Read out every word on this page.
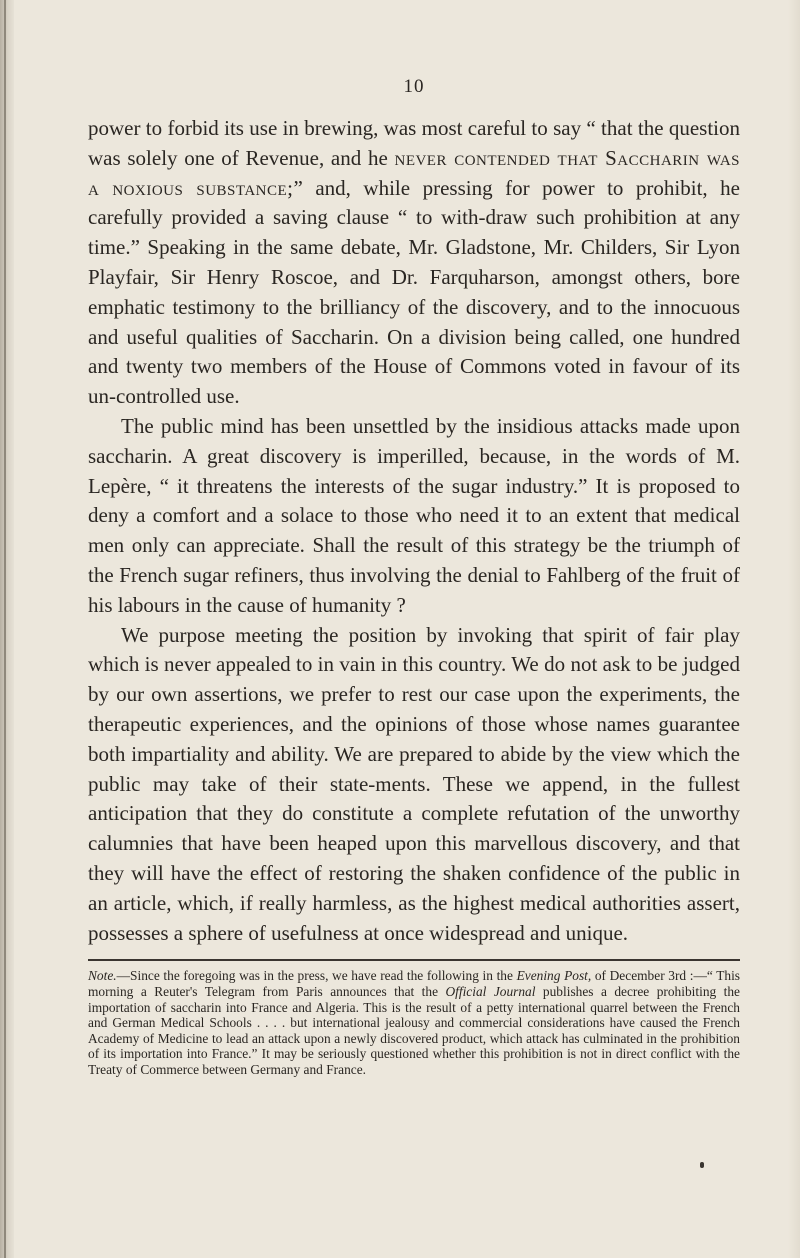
10

power to forbid its use in brewing, was most careful to say “ that the question was solely one of Revenue, and he never contended that Saccharin was a noxious substance;” and, while pressing for power to prohibit, he carefully provided a saving clause “ to with-draw such prohibition at any time.” Speaking in the same debate, Mr. Gladstone, Mr. Childers, Sir Lyon Playfair, Sir Henry Roscoe, and Dr. Farquharson, amongst others, bore emphatic testimony to the brilliancy of the discovery, and to the innocuous and useful qualities of Saccharin. On a division being called, one hundred and twenty two members of the House of Commons voted in favour of its un-controlled use.

The public mind has been unsettled by the insidious attacks made upon saccharin. A great discovery is imperilled, because, in the words of M. Lepère, “ it threatens the interests of the sugar industry.” It is proposed to deny a comfort and a solace to those who need it to an extent that medical men only can appreciate. Shall the result of this strategy be the triumph of the French sugar refiners, thus involving the denial to Fahlberg of the fruit of his labours in the cause of humanity ?

We purpose meeting the position by invoking that spirit of fair play which is never appealed to in vain in this country. We do not ask to be judged by our own assertions, we prefer to rest our case upon the experiments, the therapeutic experiences, and the opinions of those whose names guarantee both impartiality and ability. We are prepared to abide by the view which the public may take of their state-ments. These we append, in the fullest anticipation that they do constitute a complete refutation of the unworthy calumnies that have been heaped upon this marvellous discovery, and that they will have the effect of restoring the shaken confidence of the public in an article, which, if really harmless, as the highest medical authorities assert, possesses a sphere of usefulness at once widespread and unique.

Note.—Since the foregoing was in the press, we have read the following in the Evening Post, of December 3rd :—“ This morning a Reuter's Telegram from Paris announces that the Official Journal publishes a decree prohibiting the importation of saccharin into France and Algeria. This is the result of a petty international quarrel between the French and German Medical Schools . . . . but international jealousy and commercial considerations have caused the French Academy of Medicine to lead an attack upon a newly discovered product, which attack has culminated in the prohibition of its importation into France.” It may be seriously questioned whether this prohibition is not in direct conflict with the Treaty of Commerce between Germany and France.
